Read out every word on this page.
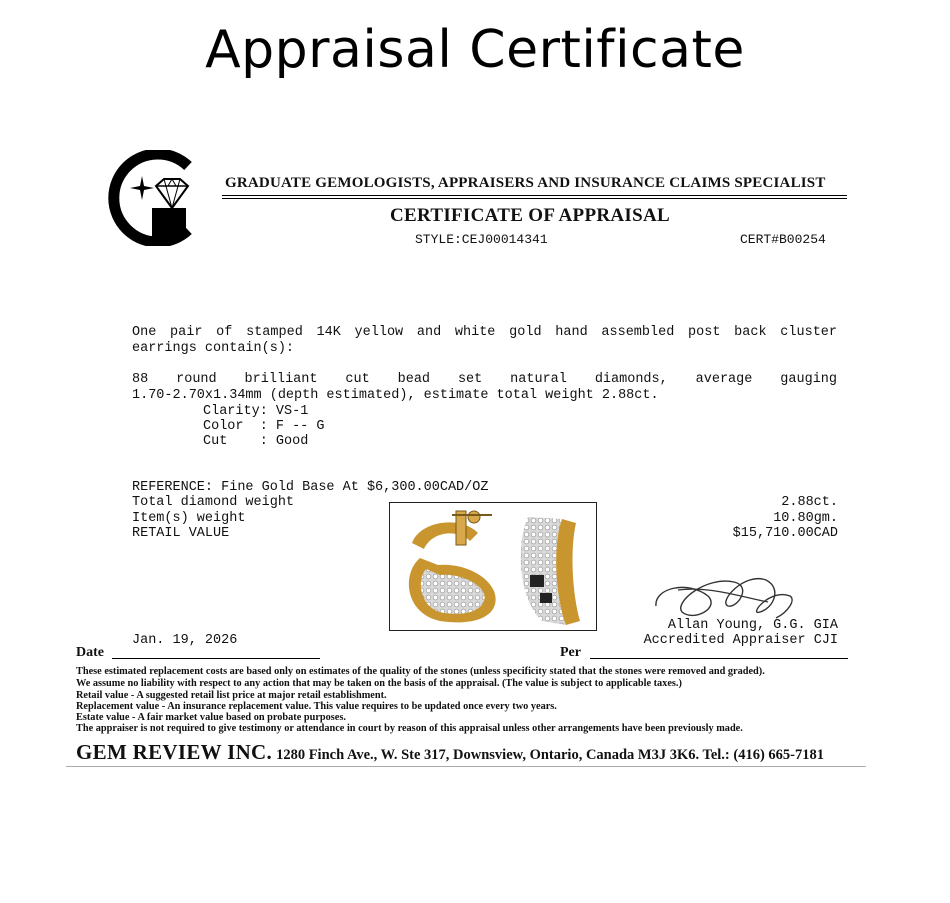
Appraisal Certificate
GRADUATE GEMOLOGISTS, APPRAISERS AND INSURANCE CLAIMS SPECIALIST
CERTIFICATE OF APPRAISAL
STYLE:CEJ00014341	CERT#B00254
One pair of stamped 14K yellow and white gold hand assembled post back cluster
earrings contain(s):
88 round brilliant cut bead set natural diamonds, average gauging
1.70-2.70x1.34mm (depth estimated), estimate total weight 2.88ct.
Clarity: VS-1
Color  : F -- G
Cut    : Good
REFERENCE: Fine Gold Base At $6,300.00CAD/OZ
Total diamond weight	2.88ct.
Item(s) weight	10.80gm.
RETAIL VALUE	$15,710.00CAD
Jan. 19, 2026
Allan Young, G.G. GIA
Accredited Appraiser CJI
Date	Per
These estimated replacement costs are based only on estimates of the quality of the stones (unless specificity stated that the stones were removed and graded).
We assume no liability with respect to any action that may be taken on the basis of the appraisal. (The value is subject to applicable taxes.)
Retail value - A suggested retail list price at major retail establishment.
Replacement value - An insurance replacement value. This value requires to be updated once every two years.
Estate value - A fair market value based on probate purposes.
The appraiser is not required to give testimony or attendance in court by reason of this appraisal unless other arrangements have been previously made.
GEM REVIEW INC. 1280 Finch Ave., W. Ste 317, Downsview, Ontario, Canada M3J 3K6. Tel.: (416) 665-7181
